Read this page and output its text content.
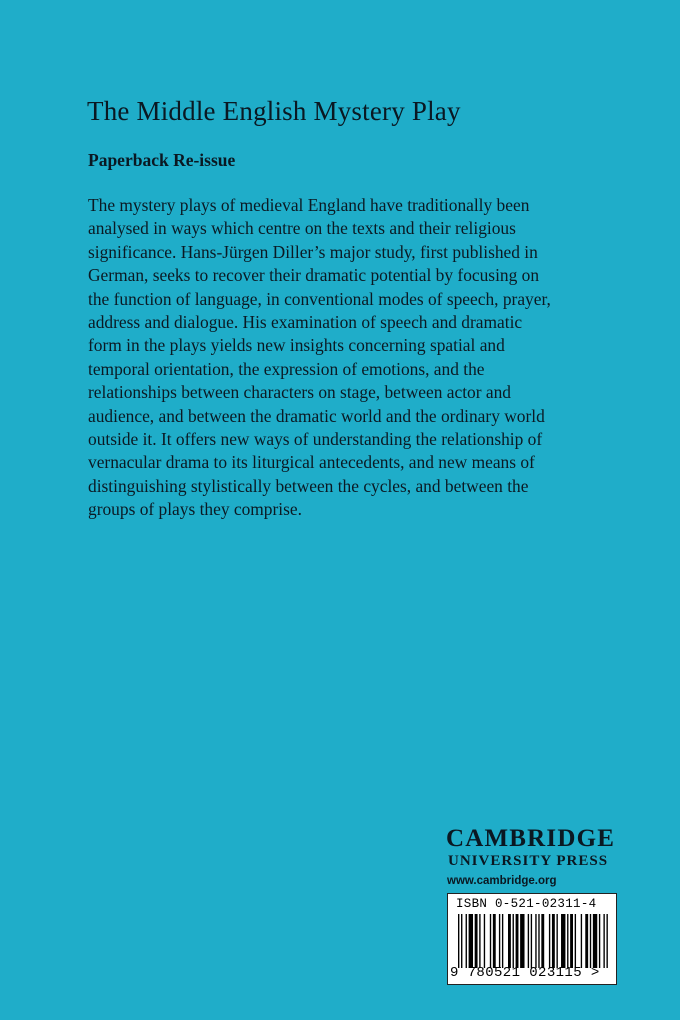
The Middle English Mystery Play
Paperback Re-issue
The mystery plays of medieval England have traditionally been
analysed in ways which centre on the texts and their religious
significance. Hans-Jürgen Diller’s major study, first published in
German, seeks to recover their dramatic potential by focusing on
the function of language, in conventional modes of speech, prayer,
address and dialogue. His examination of speech and dramatic
form in the plays yields new insights concerning spatial and
temporal orientation, the expression of emotions, and the
relationships between characters on stage, between actor and
audience, and between the dramatic world and the ordinary world
outside it. It offers new ways of understanding the relationship of
vernacular drama to its liturgical antecedents, and new means of
distinguishing stylistically between the cycles, and between the
groups of plays they comprise.
CAMBRIDGE
UNIVERSITY PRESS
www.cambridge.org
ISBN 0-521-02311-4
9 780521 023115 >
